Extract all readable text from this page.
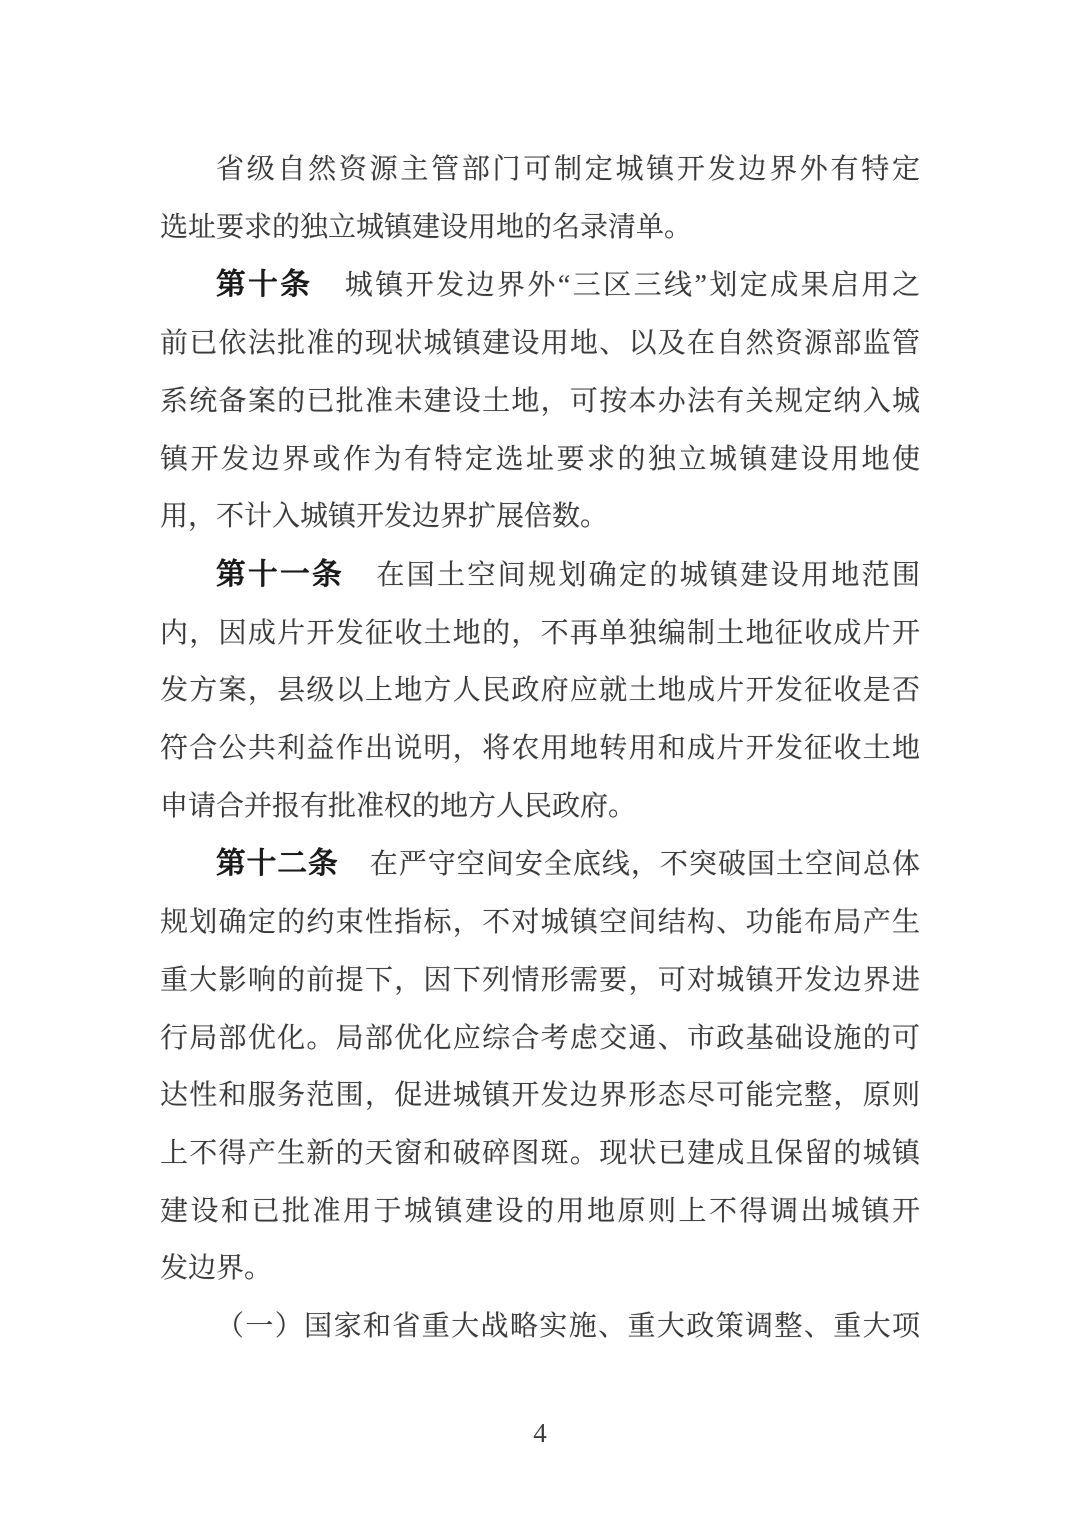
省级自然资源主管部门可制定城镇开发边界外有特定
选址要求的独立城镇建设用地的名录清单。
第十条 城镇开发边界外“三区三线”划定成果启用之
前已依法批准的现状城镇建设用地、以及在自然资源部监管
系统备案的已批准未建设土地，可按本办法有关规定纳入城
镇开发边界或作为有特定选址要求的独立城镇建设用地使
用，不计入城镇开发边界扩展倍数。
第十一条 在国土空间规划确定的城镇建设用地范围
内，因成片开发征收土地的，不再单独编制土地征收成片开
发方案，县级以上地方人民政府应就土地成片开发征收是否
符合公共利益作出说明，将农用地转用和成片开发征收土地
申请合并报有批准权的地方人民政府。
第十二条 在严守空间安全底线，不突破国土空间总体
规划确定的约束性指标，不对城镇空间结构、功能布局产生
重大影响的前提下，因下列情形需要，可对城镇开发边界进
行局部优化。局部优化应综合考虑交通、市政基础设施的可
达性和服务范围，促进城镇开发边界形态尽可能完整，原则
上不得产生新的天窗和破碎图斑。现状已建成且保留的城镇
建设和已批准用于城镇建设的用地原则上不得调出城镇开
发边界。
（一）国家和省重大战略实施、重大政策调整、重大项
4
